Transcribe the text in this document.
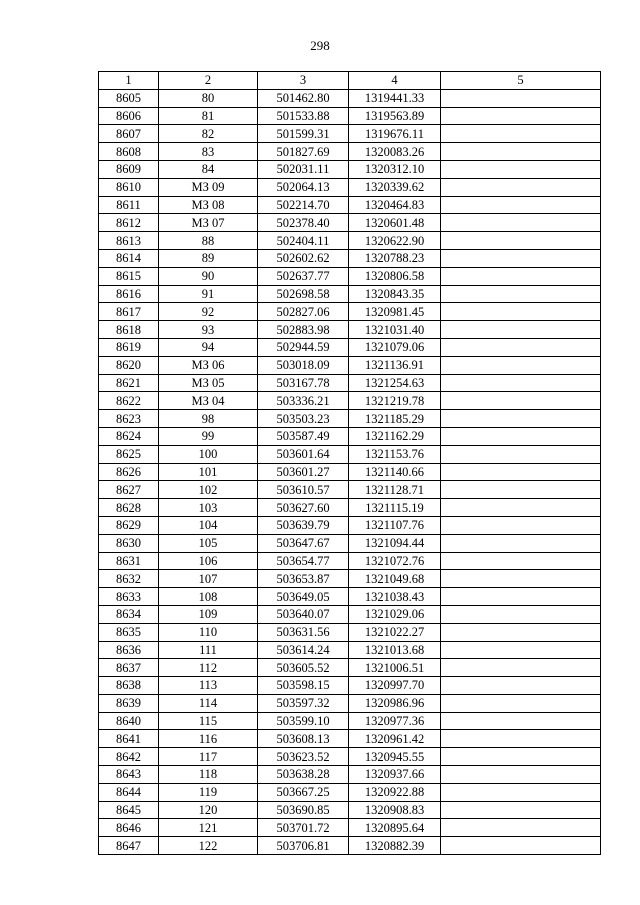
298
1	2	3	4	5
8605	80	501462.80	1319441.33	
8606	81	501533.88	1319563.89	
8607	82	501599.31	1319676.11	
8608	83	501827.69	1320083.26	
8609	84	502031.11	1320312.10	
8610	МЗ 09	502064.13	1320339.62	
8611	МЗ 08	502214.70	1320464.83	
8612	МЗ 07	502378.40	1320601.48	
8613	88	502404.11	1320622.90	
8614	89	502602.62	1320788.23	
8615	90	502637.77	1320806.58	
8616	91	502698.58	1320843.35	
8617	92	502827.06	1320981.45	
8618	93	502883.98	1321031.40	
8619	94	502944.59	1321079.06	
8620	МЗ 06	503018.09	1321136.91	
8621	МЗ 05	503167.78	1321254.63	
8622	МЗ 04	503336.21	1321219.78	
8623	98	503503.23	1321185.29	
8624	99	503587.49	1321162.29	
8625	100	503601.64	1321153.76	
8626	101	503601.27	1321140.66	
8627	102	503610.57	1321128.71	
8628	103	503627.60	1321115.19	
8629	104	503639.79	1321107.76	
8630	105	503647.67	1321094.44	
8631	106	503654.77	1321072.76	
8632	107	503653.87	1321049.68	
8633	108	503649.05	1321038.43	
8634	109	503640.07	1321029.06	
8635	110	503631.56	1321022.27	
8636	111	503614.24	1321013.68	
8637	112	503605.52	1321006.51	
8638	113	503598.15	1320997.70	
8639	114	503597.32	1320986.96	
8640	115	503599.10	1320977.36	
8641	116	503608.13	1320961.42	
8642	117	503623.52	1320945.55	
8643	118	503638.28	1320937.66	
8644	119	503667.25	1320922.88	
8645	120	503690.85	1320908.83	
8646	121	503701.72	1320895.64	
8647	122	503706.81	1320882.39	
